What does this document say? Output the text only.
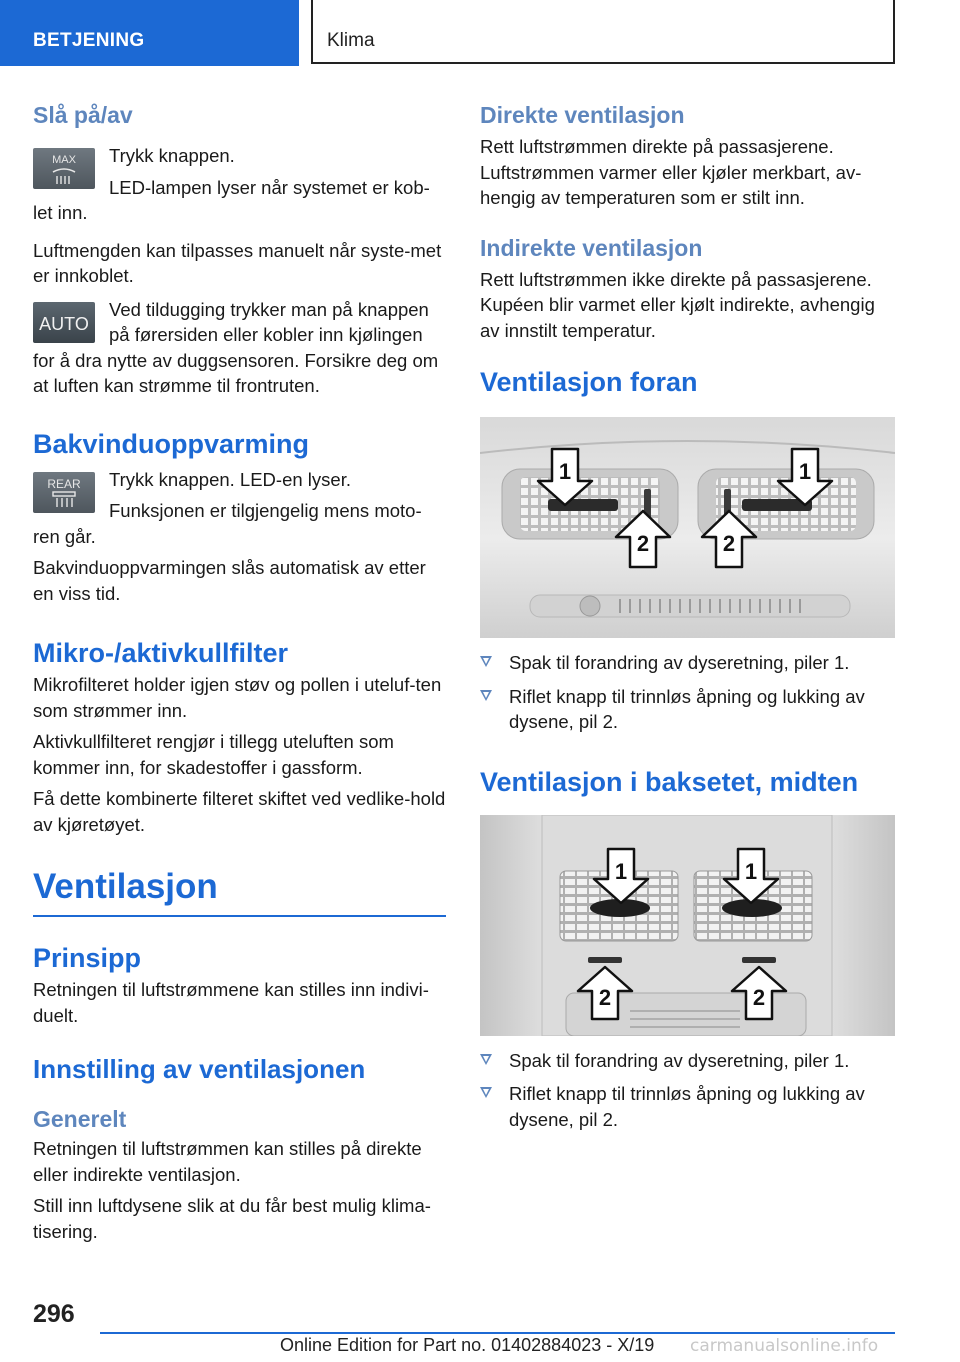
BETJENING	Klima
Slå på/av
MAX	Trykk knappen.

LED-lampen lyser når systemet er kob-

let inn.

Luftmengden kan tilpasses manuelt når syste-met er innkoblet.

AUTO

Ved tildugging trykker man på knappen på førersiden eller kobler inn kjølingen

for å dra nytte av duggsensoren. Forsikre deg om at luften kan strømme til frontruten.

Bakvinduoppvarming
REAR	Trykk knappen. LED-en lyser.

Funksjonen er tilgjengelig mens moto-

ren går.

Bakvinduoppvarmingen slås automatisk av etter en viss tid.

Mikro-/aktivkullfilter

Mikrofilteret holder igjen støv og pollen i uteluf-ten som strømmer inn.

Aktivkullfilteret rengjør i tillegg uteluften som kommer inn, for skadestoffer i gassform.

Få dette kombinerte filteret skiftet ved vedlike-hold av kjøretøyet.

Ventilasjon
Prinsipp

Retningen til luftstrømmene kan stilles inn indivi-duelt.

Innstilling av ventilasjonen
Generelt

Retningen til luftstrømmen kan stilles på direkte eller indirekte ventilasjon.

Still inn luftdysene slik at du får best mulig klima-tisering.

Direkte ventilasjon

Rett luftstrømmen direkte på passasjerene. Luftstrømmen varmer eller kjøler merkbart, av-hengig av temperaturen som er stilt inn.

Indirekte ventilasjon

Rett luftstrømmen ikke direkte på passasjerene. Kupéen blir varmet eller kjølt indirekte, avhengig av innstilt temperatur.

Ventilasjon foran
1	1
2	2
Spak til forandring av dyseretning, piler 1.
Riflet knapp til trinnløs åpning og lukking av dysene, pil 2.
Ventilasjon i baksetet, midten
1	1
2	2
Spak til forandring av dyseretning, piler 1.
Riflet knapp til trinnløs åpning og lukking av dysene, pil 2.
296
Online Edition for Part no. 01402884023 - X/19 carmanualsonline.info
